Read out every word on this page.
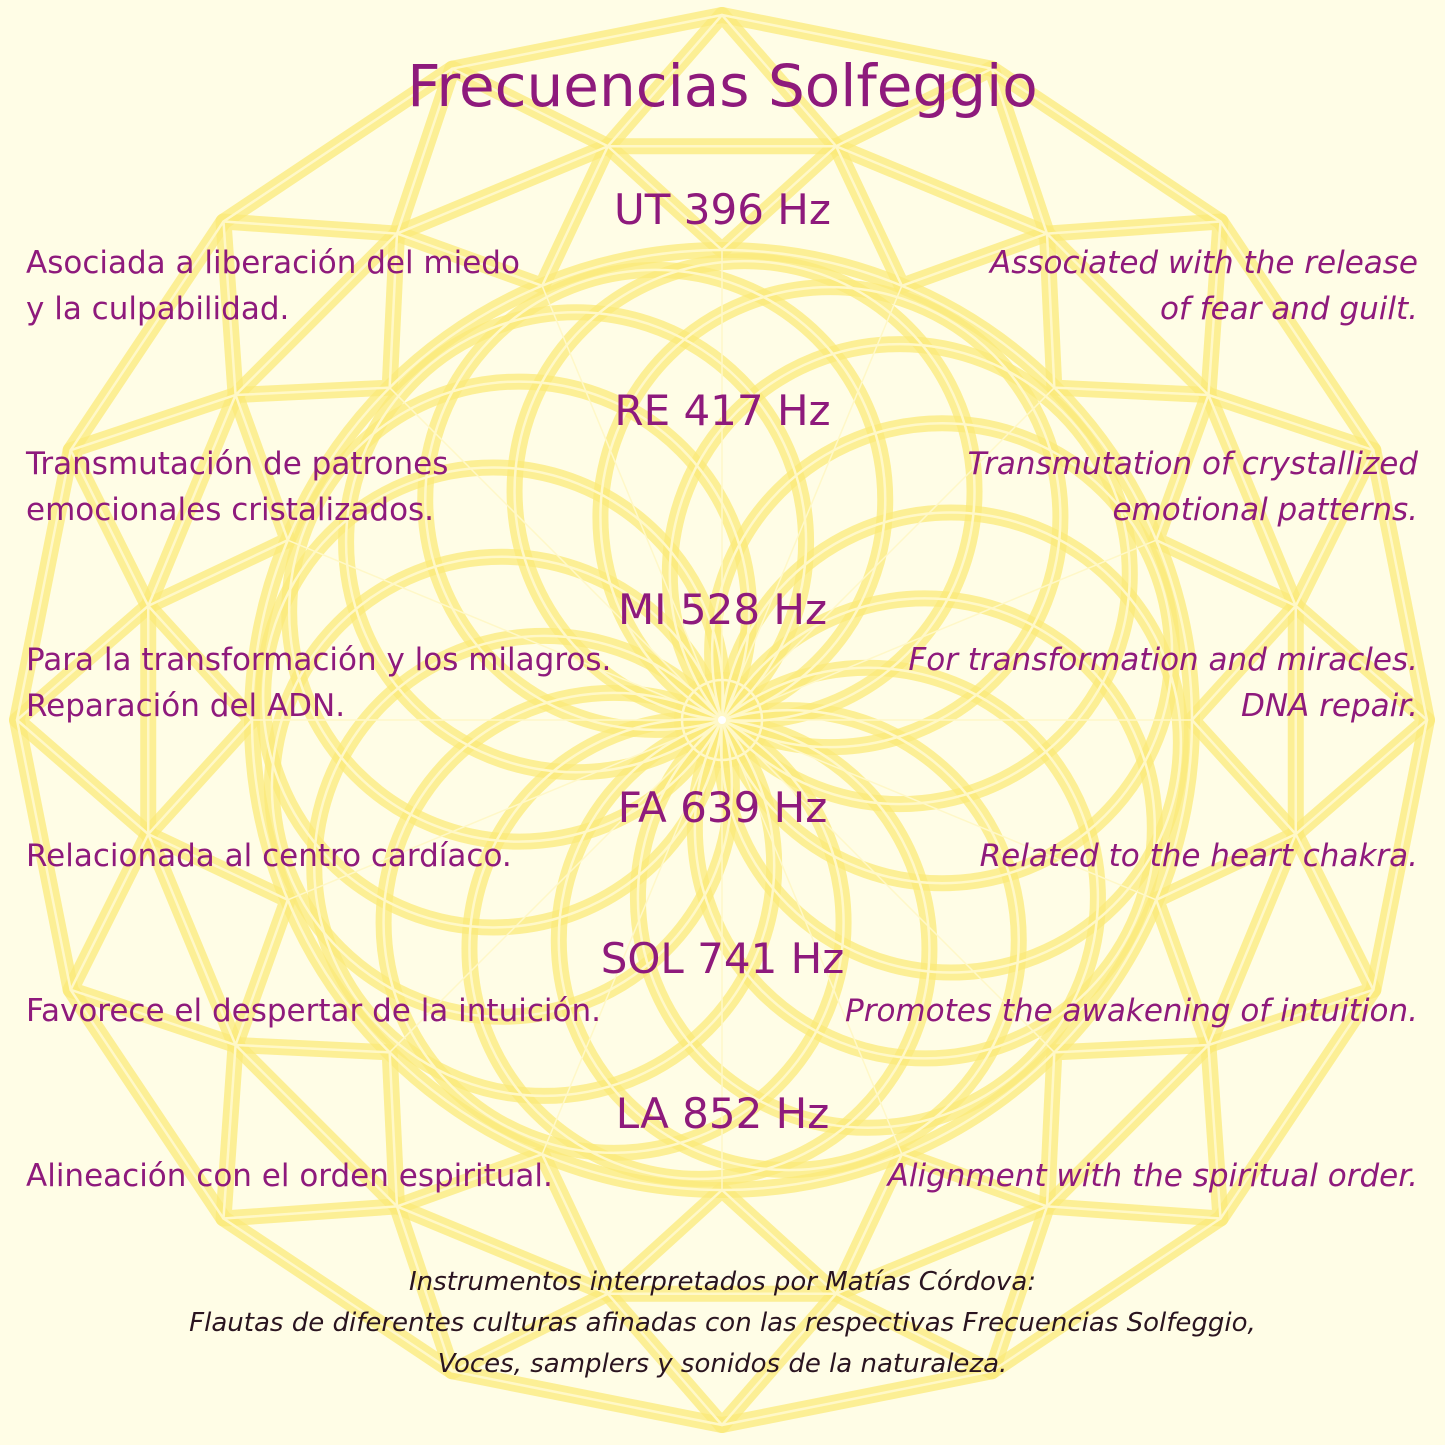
Frecuencias Solfeggio
UT 396 Hz
Asociada a liberación del miedo
y la culpabilidad.
Associated with the release
of fear and guilt.
RE 417 Hz
Transmutación de patrones
emocionales cristalizados.
Transmutation of crystallized
emotional patterns.
MI 528 Hz
Para la transformación y los milagros.
Reparación del ADN.
For transformation and miracles.
DNA repair.
FA 639 Hz
Relacionada al centro cardíaco.	Related to the heart chakra.
SOL 741 Hz
Favorece el despertar de la intuición.	Promotes the awakening of intuition.
LA 852 Hz
Alineación con el orden espiritual.	Alignment with the spiritual order.
Instrumentos interpretados por Matías Córdova:
Flautas de diferentes culturas afinadas con las respectivas Frecuencias Solfeggio,
Voces, samplers y sonidos de la naturaleza.
